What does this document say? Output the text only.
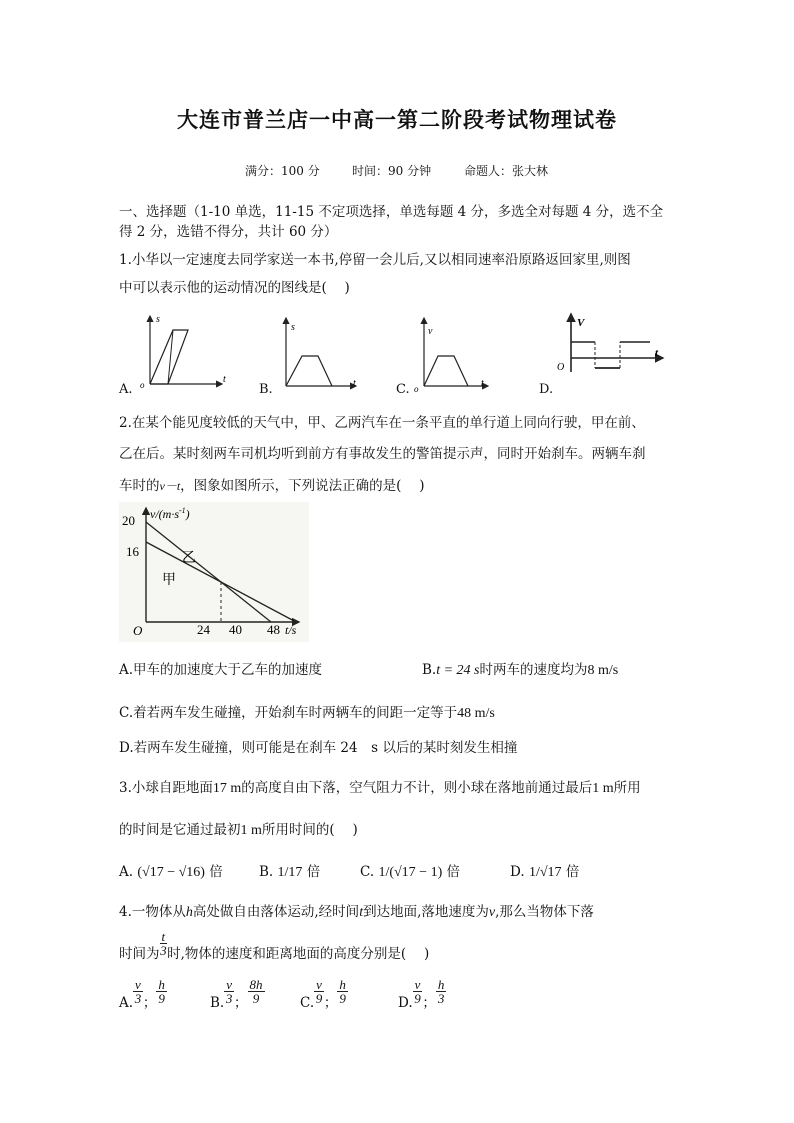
大连市普兰店一中高一第二阶段考试物理试卷
满分：100 分	时间：90 分钟	命题人：张大林
一、选择题（1-10 单选，11-15 不定项选择，单选每题 4 分，多选全对每题 4 分，选不全
得 2 分，选错不得分，共计 60 分）
1.小华以一定速度去同学家送一本书,停留一会儿后,又以相同速率沿原路返回家里,则图
中可以表示他的运动情况的图线是(　 )
s
t
o
A.
s
t
B.
v
t
o
C.
V
t
O
D.
2.在某个能见度较低的天气中，甲、乙两汽车在一条平直的单行道上同向行驶，甲在前、
乙在后。某时刻两车司机均听到前方有事故发生的警笛提示声，同时开始刹车。两辆车刹
车时的v－t，图象如图所示，下列说法正确的是(　 )
$v/(m\cdot s^{-1})$
20
16
O	24 40 48 t/s
乙
甲
A.甲车的加速度大于乙车的加速度	B.t = 24 s时两车的速度均为8 m/s
C.着若两车发生碰撞，开始刹车时两辆车的间距一定等于48 m/s
D.若两车发生碰撞，则可能是在刹车 24　s 以后的某时刻发生相撞
3.小球自距地面17 m的高度自由下落，空气阻力不计，则小球在落地前通过最后1 m所用
的时间是它通过最初1 m所用时间的(　 )
A. (√17 − √16) 倍	B. 1/17 倍	C. 1/(√17 − 1) 倍	D. 1/√17 倍
4.一物体从h高处做自由落体运动,经时间t到达地面,落地速度为v,那么当物体下落
时间为 $\frac{t}{3}$ 时,物体的速度和距离地面的高度分别是(　 )
A. $\frac{v}{3}$ ； $\frac{h}{9}$	B. $\frac{v}{3}$ ； $\frac{8h}{9}$	C. $\frac{v}{9}$ ； $\frac{h}{9}$	D. $\frac{v}{9}$ ； $\frac{h}{3}$
